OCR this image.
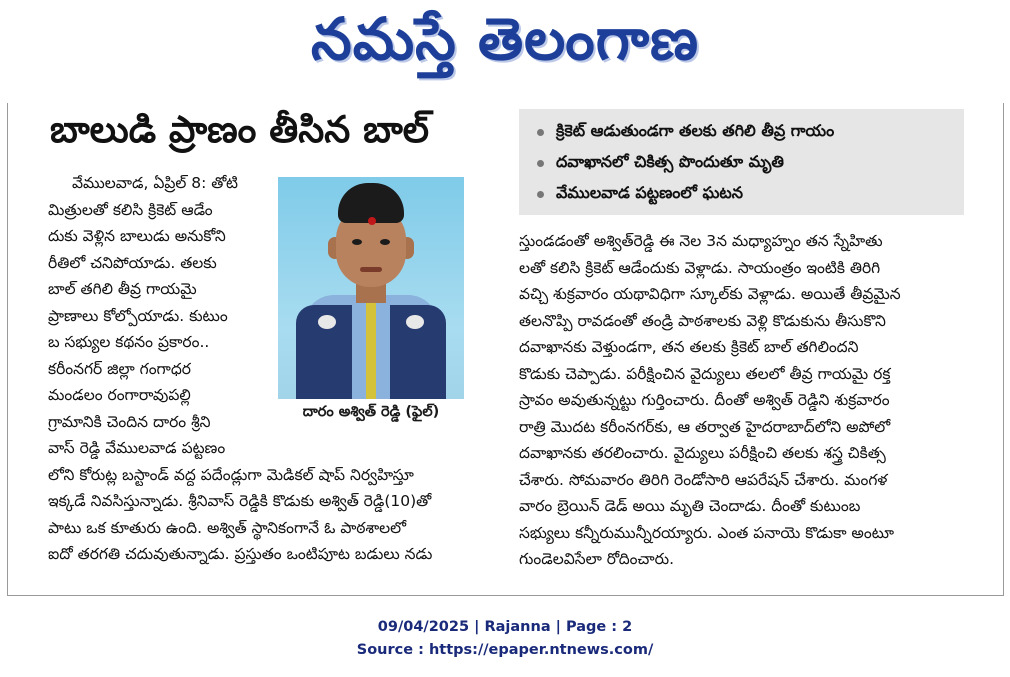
నమస్తే తెలంగాణ
బాలుడి ప్రాణం తీసిన బాల్	క్రికెట్ ఆడుతుండగా తలకు తగిలి తీవ్ర గాయం
దవాఖానలో చికిత్స పొందుతూ మృతి
వేములవాడ పట్టణంలో ఘటన

వేములవాడ, ఏప్రిల్ 8: తోటి

మిత్రులతో కలిసి క్రికెట్ ఆడేం

దుకు వెళ్లిన బాలుడు అనుకోని

రీతిలో చనిపోయాడు. తలకు

బాల్ తగిలి తీవ్ర గాయమై

ప్రాణాలు కోల్పోయాడు. కుటుం

బ సభ్యుల కథనం ప్రకారం..

కరీంనగర్ జిల్లా గంగాధర

మండలం రంగారావుపల్లి

గ్రామానికి చెందిన దారం శ్రీని

వాస్ రెడ్డి వేములవాడ పట్టణం

లోని కోరుట్ల బస్టాండ్ వద్ద పదేండ్లుగా మెడికల్ షాప్ నిర్వహిస్తూ

ఇక్కడే నివసిస్తున్నాడు. శ్రీనివాస్ రెడ్డికి కొడుకు అశ్విత్ రెడ్డి(10)తో

పాటు ఒక కూతురు ఉంది. అశ్విత్ స్థానికంగానే ఓ పాఠశాలలో

ఐదో తరగతి చదువుతున్నాడు. ప్రస్తుతం ఒంటిపూట బడులు నడు

దారం అశ్విత్ రెడ్డి (ఫైల్)

స్తుండడంతో అశ్విత్‌రెడ్డి ఈ నెల 3న మధ్యాహ్నం తన స్నేహితు

లతో కలిసి క్రికెట్ ఆడేందుకు వెళ్లాడు. సాయంత్రం ఇంటికి తిరిగి

వచ్చి శుక్రవారం యథావిధిగా స్కూల్‌కు వెళ్లాడు. అయితే తీవ్రమైన

తలనొప్పి రావడంతో తండ్రి పాఠశాలకు వెళ్లి కొడుకును తీసుకొని

దవాఖానకు వెళ్తుండగా, తన తలకు క్రికెట్ బాల్ తగిలిందని

కొడుకు చెప్పాడు. పరీక్షించిన వైద్యులు తలలో తీవ్ర గాయమై రక్త

స్రావం అవుతున్నట్టు గుర్తించారు. దీంతో అశ్విత్ రెడ్డిని శుక్రవారం

రాత్రి మొదట కరీంనగర్‌కు, ఆ తర్వాత హైదరాబాద్‌లోని అపోలో

దవాఖానకు తరలించారు. వైద్యులు పరీక్షించి తలకు శస్త్ర చికిత్స

చేశారు. సోమవారం తిరిగి రెండోసారి ఆపరేషన్ చేశారు. మంగళ

వారం బ్రెయిన్ డెడ్ అయి మృతి చెందాడు. దీంతో కుటుంబ

సభ్యులు కన్నీరుమున్నీరయ్యారు. ఎంత పనాయె కొడుకా అంటూ

గుండెలవిసేలా రోదించారు.

09/04/2025 | Rajanna | Page : 2
Source : https://epaper.ntnews.com/
